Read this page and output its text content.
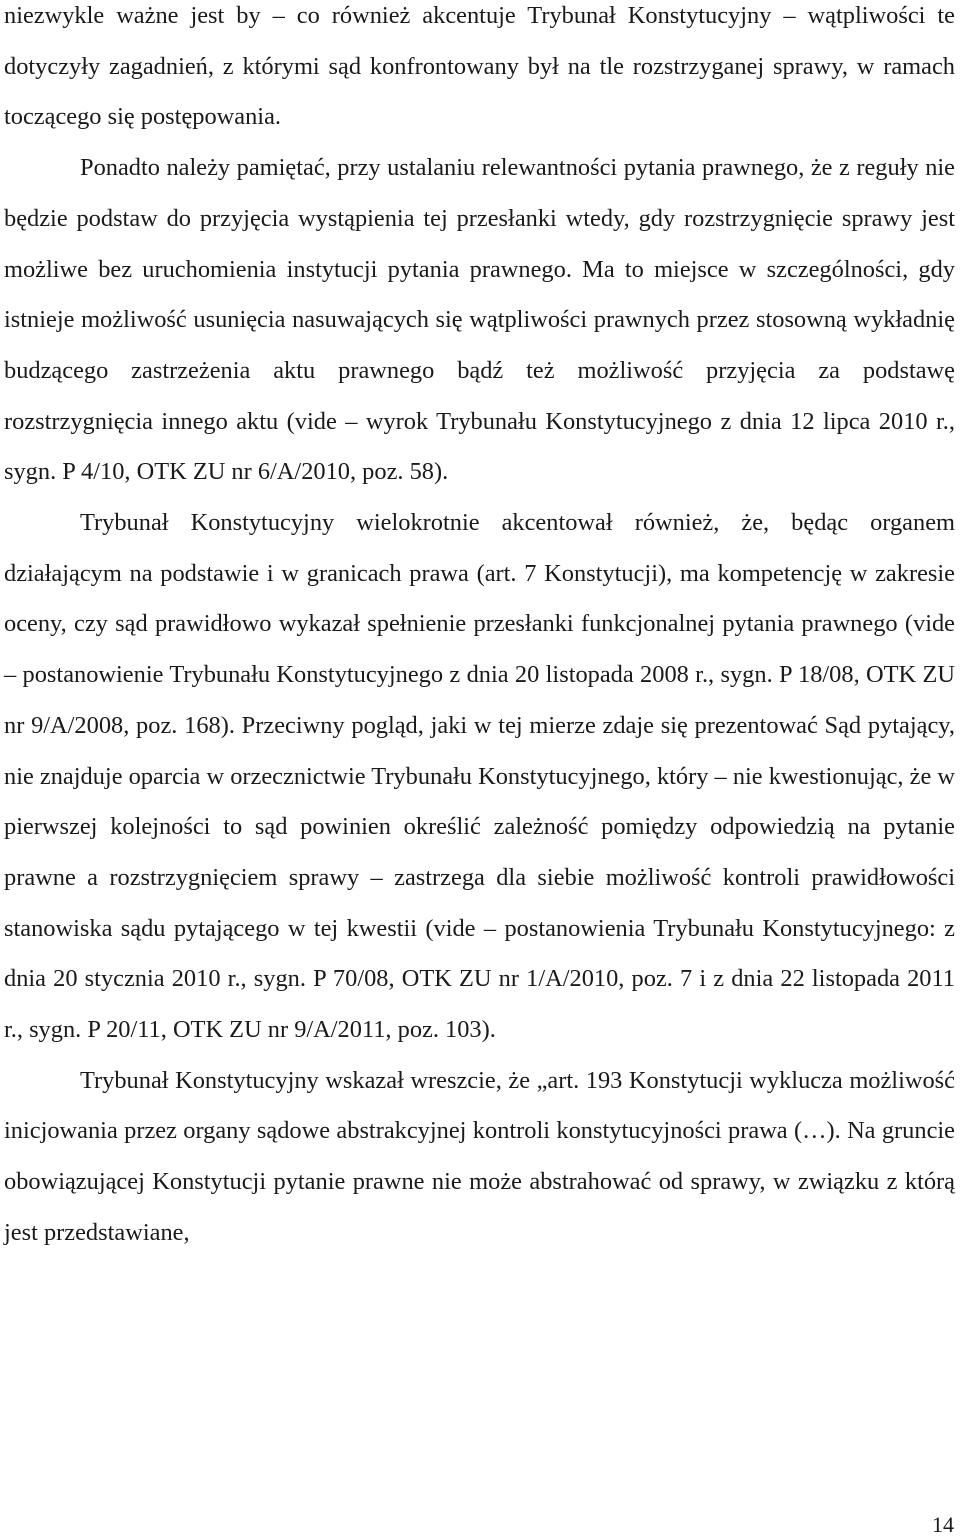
niezwykle ważne jest by – co również akcentuje Trybunał Konstytucyjny – wątpliwości te dotyczyły zagadnień, z którymi sąd konfrontowany był na tle rozstrzyganej sprawy, w ramach toczącego się postępowania.

Ponadto należy pamiętać, przy ustalaniu relewantności pytania prawnego, że z reguły nie będzie podstaw do przyjęcia wystąpienia tej przesłanki wtedy, gdy rozstrzygnięcie sprawy jest możliwe bez uruchomienia instytucji pytania prawnego. Ma to miejsce w szczególności, gdy istnieje możliwość usunięcia nasuwających się wątpliwości prawnych przez stosowną wykładnię budzącego zastrzeżenia aktu prawnego bądź też możliwość przyjęcia za podstawę rozstrzygnięcia innego aktu (vide – wyrok Trybunału Konstytucyjnego z dnia 12 lipca 2010 r., sygn. P 4/10, OTK ZU nr 6/A/2010, poz. 58).

Trybunał Konstytucyjny wielokrotnie akcentował również, że, będąc organem działającym na podstawie i w granicach prawa (art. 7 Konstytucji), ma kompetencję w zakresie oceny, czy sąd prawidłowo wykazał spełnienie przesłanki funkcjonalnej pytania prawnego (vide – postanowienie Trybunału Konstytucyjnego z dnia 20 listopada 2008 r., sygn. P 18/08, OTK ZU nr 9/A/2008, poz. 168). Przeciwny pogląd, jaki w tej mierze zdaje się prezentować Sąd pytający, nie znajduje oparcia w orzecznictwie Trybunału Konstytucyjnego, który – nie kwestionując, że w pierwszej kolejności to sąd powinien określić zależność pomiędzy odpowiedzią na pytanie prawne a rozstrzygnięciem sprawy – zastrzega dla siebie możliwość kontroli prawidłowości stanowiska sądu pytającego w tej kwestii (vide – postanowienia Trybunału Konstytucyjnego: z dnia 20 stycznia 2010 r., sygn. P 70/08, OTK ZU nr 1/A/2010, poz. 7 i z dnia 22 listopada 2011 r., sygn. P 20/11, OTK ZU nr 9/A/2011, poz. 103).

Trybunał Konstytucyjny wskazał wreszcie, że „art. 193 Konstytucji wyklucza możliwość inicjowania przez organy sądowe abstrakcyjnej kontroli konstytucyjności prawa (…). Na gruncie obowiązującej Konstytucji pytanie prawne nie może abstrahować od sprawy, w związku z którą jest przedstawiane,

14
